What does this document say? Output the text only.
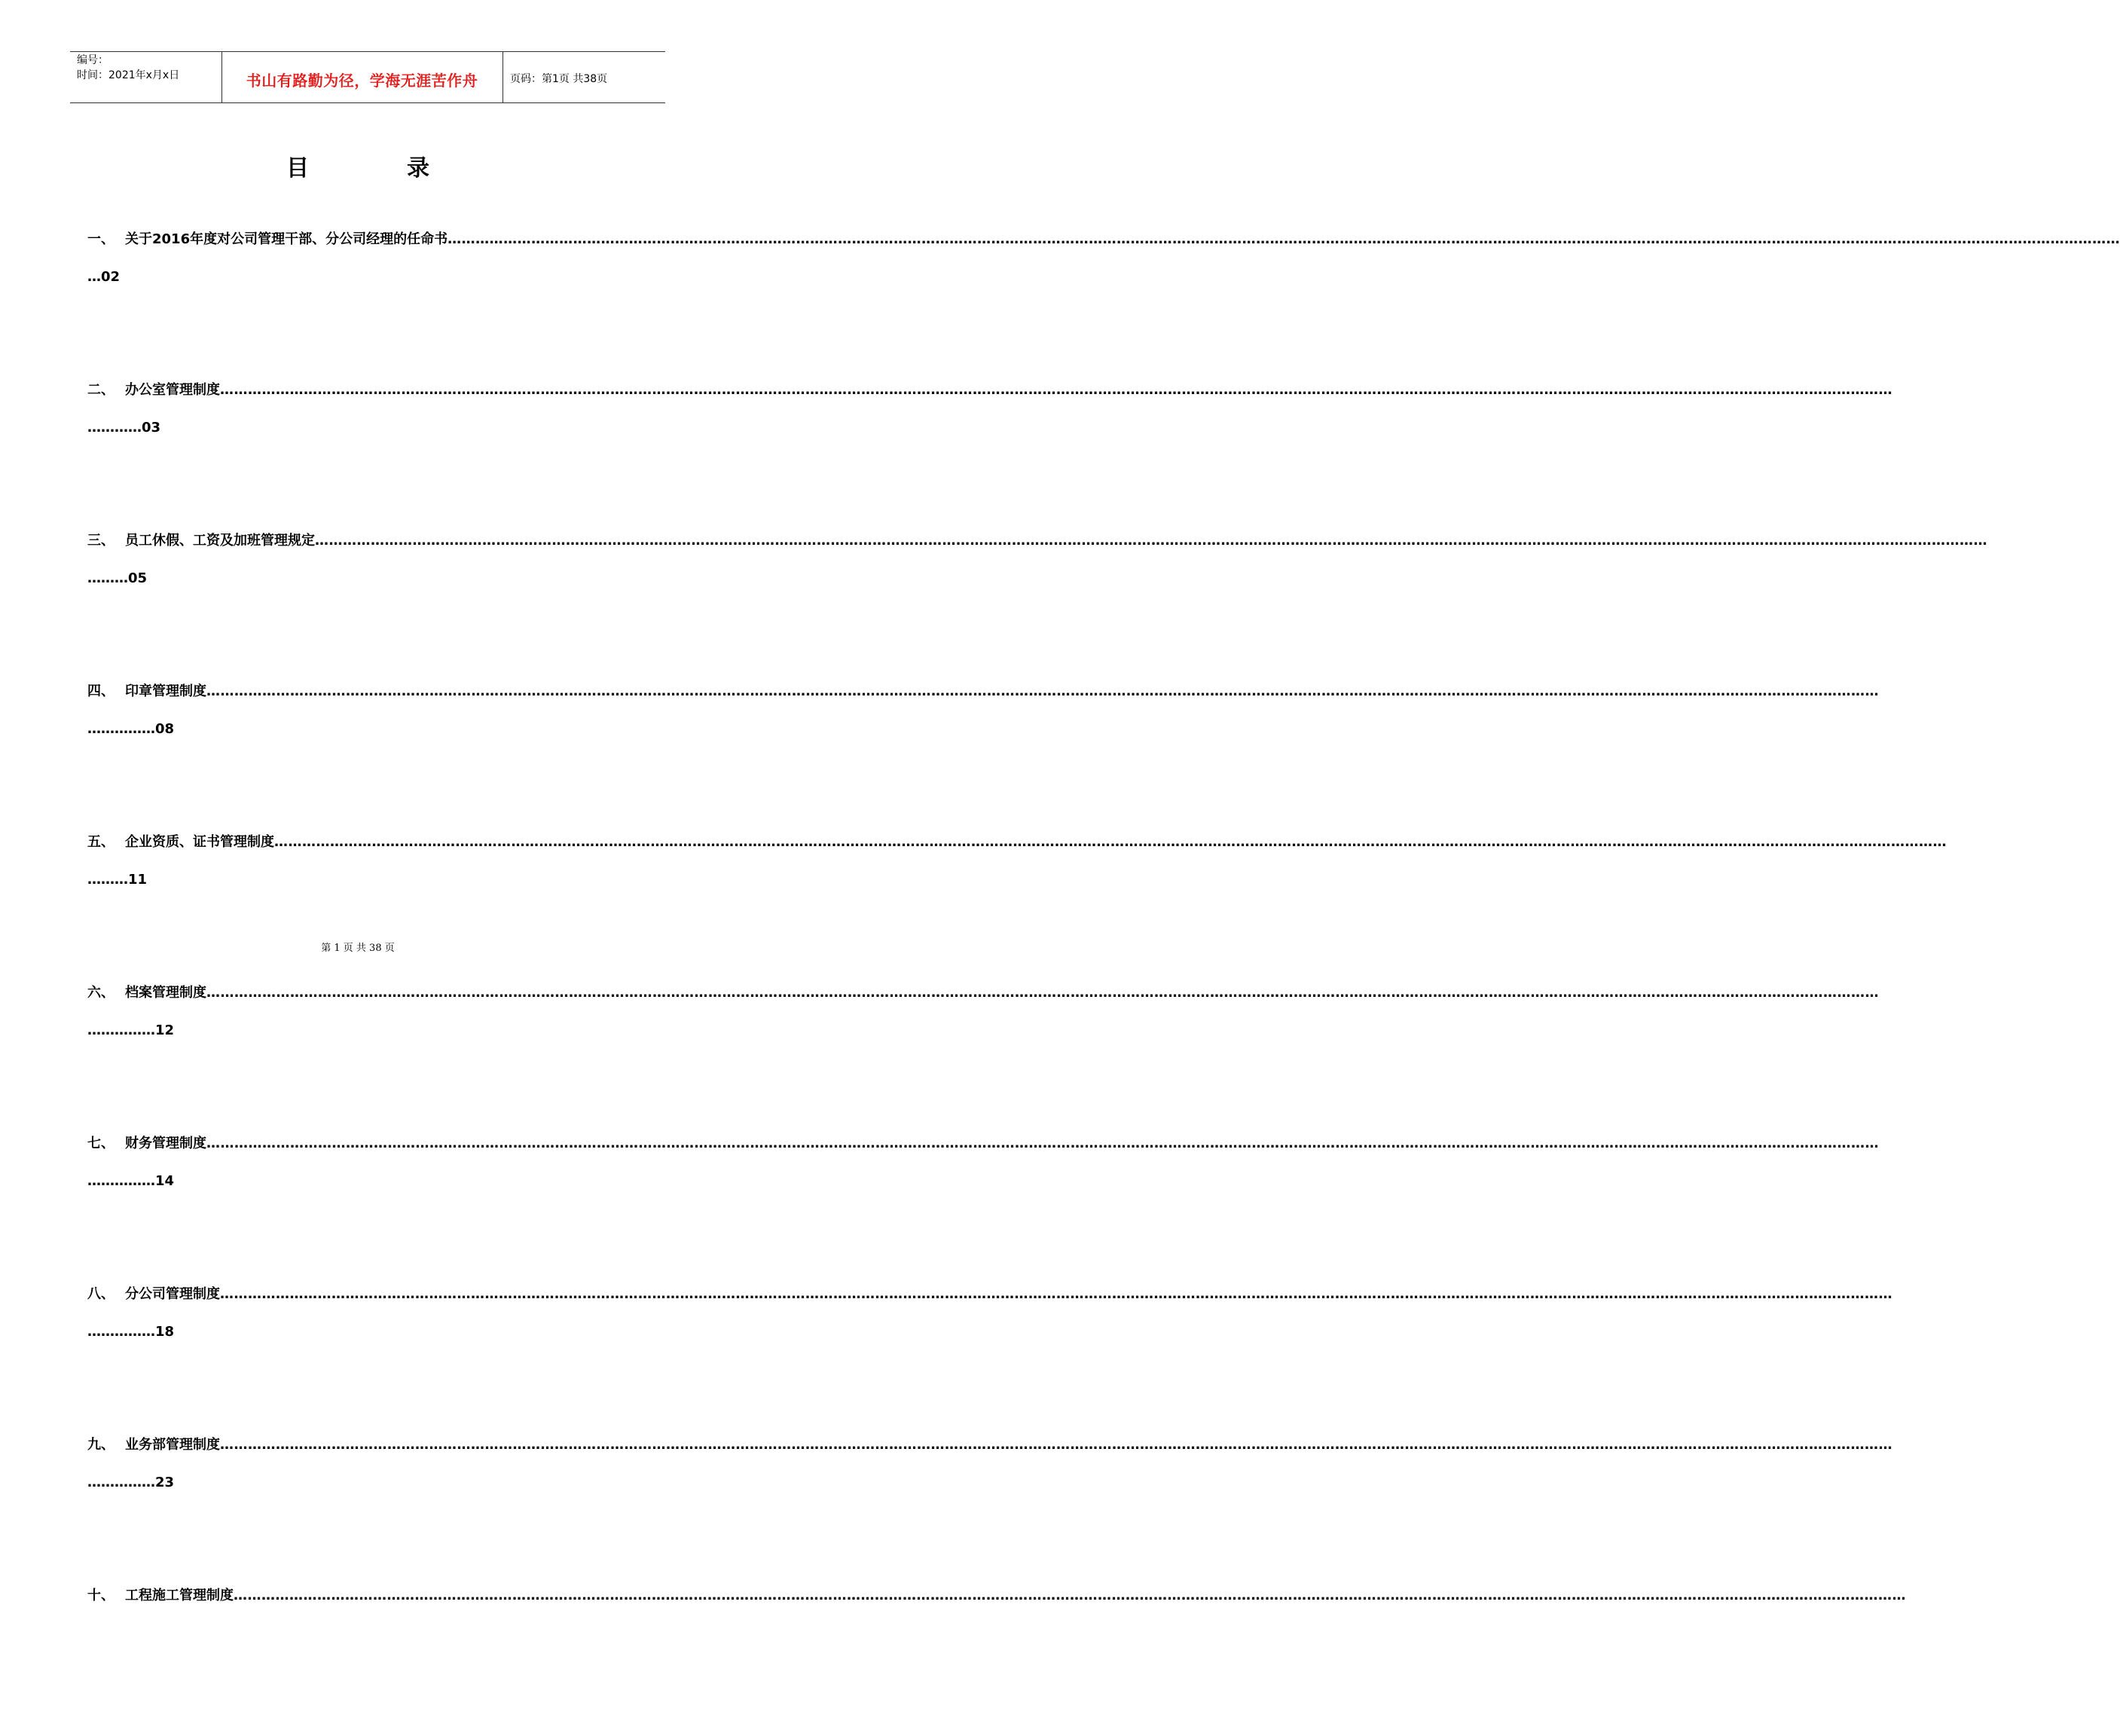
编号：
时间：2021年x月x日	书山有路勤为径，学海无涯苦作舟	页码：第1页 共38页
目	录
一、 关于2016年度对公司管理干部、分公司经理的任命书………………………………………………………………………………………………………………………………………………………………………………………………………………………………………………………………………………………………………………………………
…02
二、 办公室管理制度………………………………………………………………………………………………………………………………………………………………………………………………………………………………………………………………………………………………………………………………
…………03
三、 员工休假、工资及加班管理规定………………………………………………………………………………………………………………………………………………………………………………………………………………………………………………………………………………………………………………………………
………05
四、 印章管理制度………………………………………………………………………………………………………………………………………………………………………………………………………………………………………………………………………………………………………………………………
……………08
五、 企业资质、证书管理制度………………………………………………………………………………………………………………………………………………………………………………………………………………………………………………………………………………………………………………………………
………11
六、 档案管理制度………………………………………………………………………………………………………………………………………………………………………………………………………………………………………………………………………………………………………………………………
……………12
七、 财务管理制度………………………………………………………………………………………………………………………………………………………………………………………………………………………………………………………………………………………………………………………………
……………14
八、 分公司管理制度………………………………………………………………………………………………………………………………………………………………………………………………………………………………………………………………………………………………………………………………
……………18
九、 业务部管理制度………………………………………………………………………………………………………………………………………………………………………………………………………………………………………………………………………………………………………………………………
……………23
十、 工程施工管理制度………………………………………………………………………………………………………………………………………………………………………………………………………………………………………………………………………………………………………………………………
第 1 页 共 38 页
